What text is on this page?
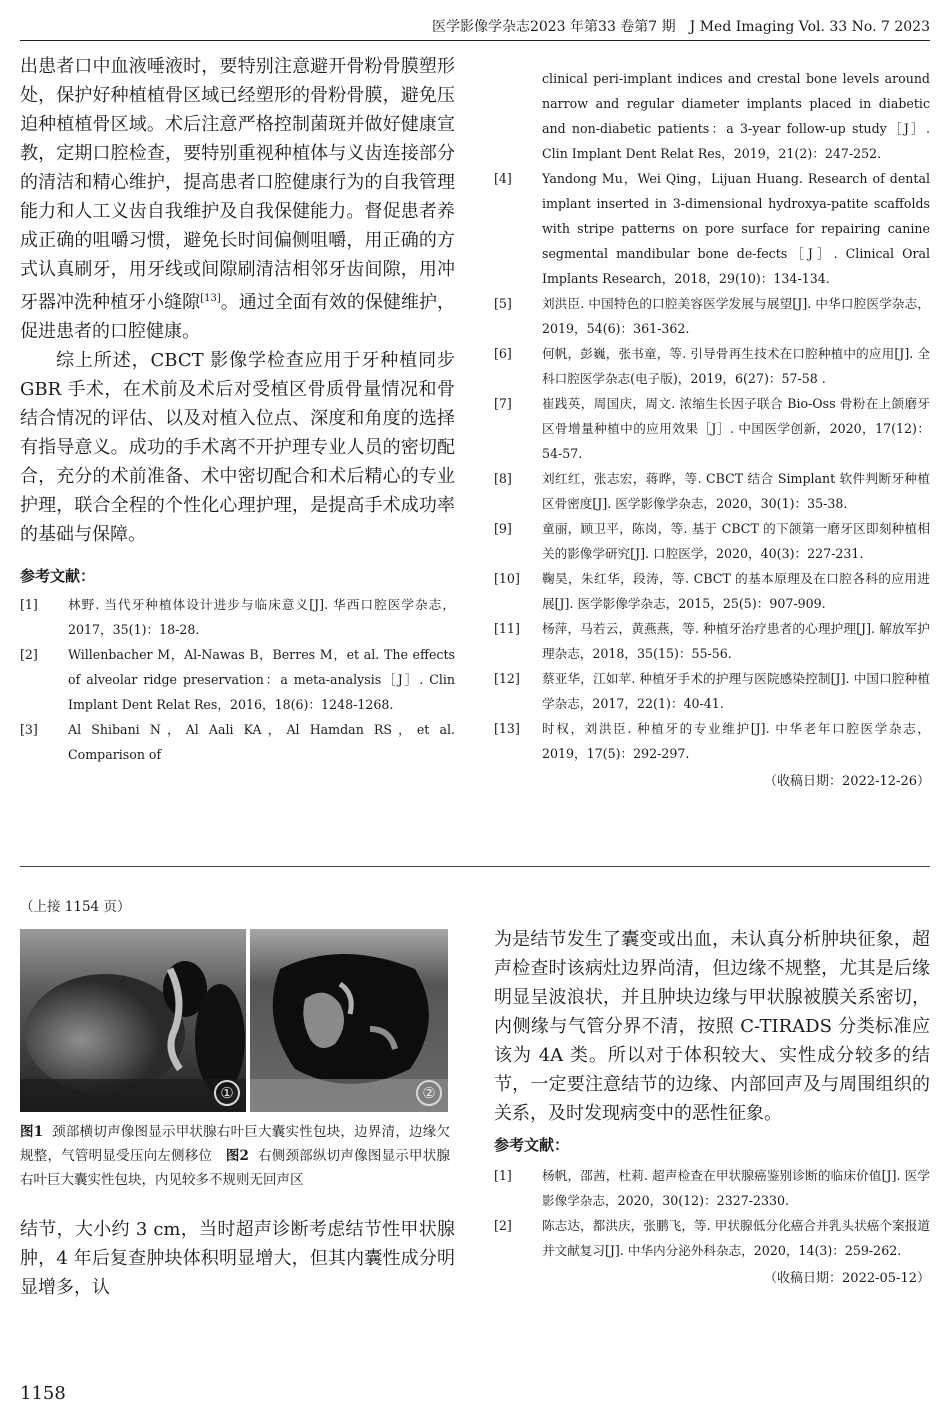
医学影像学杂志2023 年第33 卷第7 期　J Med Imaging Vol. 33 No. 7 2023

出患者口中血液唾液时，要特别注意避开骨粉骨膜塑形处，保护好种植植骨区域已经塑形的骨粉骨膜，避免压迫种植植骨区域。术后注意严格控制菌斑并做好健康宣教，定期口腔检查，要特别重视种植体与义齿连接部分的清洁和精心维护，提高患者口腔健康行为的自我管理能力和人工义齿自我维护及自我保健能力。督促患者养成正确的咀嚼习惯，避免长时间偏侧咀嚼，用正确的方式认真刷牙，用牙线或间隙刷清洁相邻牙齿间隙，用冲牙器冲洗种植牙小缝隙[13]。通过全面有效的保健维护，促进患者的口腔健康。

综上所述，CBCT 影像学检查应用于牙种植同步 GBR 手术，在术前及术后对受植区骨质骨量情况和骨结合情况的评估、以及对植入位点、深度和角度的选择有指导意义。成功的手术离不开护理专业人员的密切配合，充分的术前准备、术中密切配合和术后精心的专业护理，联合全程的个性化心理护理，是提高手术成功率的基础与保障。

参考文献：

[1] 林野. 当代牙种植体设计进步与临床意义[J]. 华西口腔医学杂志，2017，35(1)：18-28.

[2] Willenbacher M，Al-Nawas B，Berres M，et al. The effects of alveolar ridge preservation：a meta-analysis［J］. Clin Implant Dent Relat Res，2016，18(6)：1248-1268.

[3] Al Shibani N，Al Aali KA，Al Hamdan RS，et al. Comparison of

clinical peri-implant indices and crestal bone levels around narrow and regular diameter implants placed in diabetic and non-diabetic patients：a 3-year follow-up study［J］. Clin Implant Dent Relat Res，2019，21(2)：247-252.

[4] Yandong Mu，Wei Qing，Lijuan Huang. Research of dental implant inserted in 3-dimensional hydroxya-patite scaffolds with stripe patterns on pore surface for repairing canine segmental mandibular bone de-fects［J］. Clinical Oral Implants Research，2018，29(10)：134-134.

[5] 刘洪臣. 中国特色的口腔美容医学发展与展望[J]. 中华口腔医学杂志，2019，54(6)：361-362.

[6] 何帆，彭巍，张书童，等. 引导骨再生技术在口腔种植中的应用[J]. 全科口腔医学杂志(电子版)，2019，6(27)：57-58 .

[7] 崔践英，周国庆，周文. 浓缩生长因子联合 Bio-Oss 骨粉在上颌磨牙区骨增量种植中的应用效果［J］. 中国医学创新，2020，17(12)：54-57.

[8] 刘红红，张志宏，蒋晔，等. CBCT 结合 Simplant 软件判断牙种植区骨密度[J]. 医学影像学杂志，2020，30(1)：35-38.

[9] 童丽，顾卫平，陈岗，等. 基于 CBCT 的下颌第一磨牙区即刻种植相关的影像学研究[J]. 口腔医学，2020，40(3)：227-231.

[10] 鞠昊，朱红华，段涛，等. CBCT 的基本原理及在口腔各科的应用进展[J]. 医学影像学杂志，2015，25(5)：907-909.

[11] 杨萍，马若云，黄燕燕，等. 种植牙治疗患者的心理护理[J]. 解放军护理杂志，2018，35(15)：55-56.

[12] 蔡亚华，江如苹. 种植牙手术的护理与医院感染控制[J]. 中国口腔种植学杂志，2017，22(1)：40-41.

[13] 时权，刘洪臣. 种植牙的专业维护[J]. 中华老年口腔医学杂志，2019，17(5)：292-297.

（收稿日期：2022-12-26）

（上接 1154 页）
①	②
图1 颈部横切声像图显示甲状腺右叶巨大囊实性包块，边界清，边缘欠规整，气管明显受压向左侧移位 图2 右侧颈部纵切声像图显示甲状腺右叶巨大囊实性包块，内见较多不规则无回声区

结节，大小约 3 cm，当时超声诊断考虑结节性甲状腺肿，4 年后复查肿块体积明显增大，但其内囊性成分明显增多，认

为是结节发生了囊变或出血，未认真分析肿块征象，超声检查时该病灶边界尚清，但边缘不规整，尤其是后缘明显呈波浪状，并且肿块边缘与甲状腺被膜关系密切，内侧缘与气管分界不清，按照 C-TIRADS 分类标准应该为 4A 类。所以对于体积较大、实性成分较多的结节，一定要注意结节的边缘、内部回声及与周围组织的关系，及时发现病变中的恶性征象。

参考文献：

[1] 杨帆，邵茜，杜莉. 超声检查在甲状腺癌鉴别诊断的临床价值[J]. 医学影像学杂志，2020，30(12)：2327-2330.

[2] 陈志达，都洪庆，张鹏飞，等. 甲状腺低分化癌合并乳头状癌个案报道并文献复习[J]. 中华内分泌外科杂志，2020，14(3)：259-262.

（收稿日期：2022-05-12）

1158
